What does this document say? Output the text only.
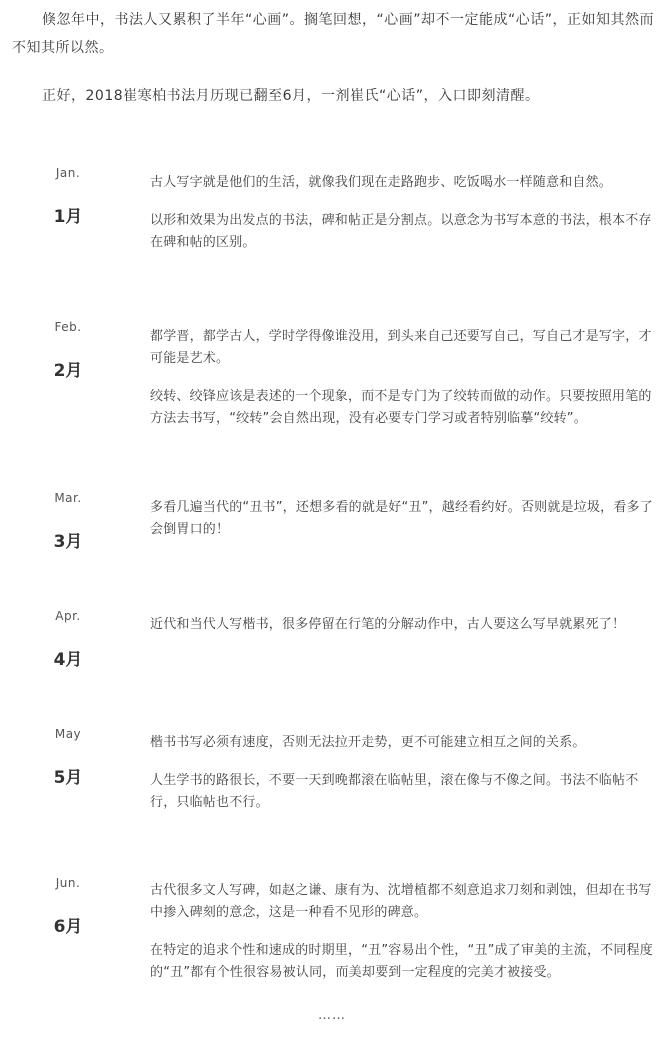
倏忽年中，书法人又累积了半年“心画”。搁笔回想，“心画”却不一定能成“心话”，正如知其然而不知其所以然。

正好，2018崔寒柏书法月历现已翻至6月，一剂崔氏“心话”，入口即刻清醒。

Jan.
1月

古人写字就是他们的生活，就像我们现在走路跑步、吃饭喝水一样随意和自然。

以形和效果为出发点的书法，碑和帖正是分割点。以意念为书写本意的书法，根本不存在碑和帖的区别。

Feb.
2月

都学晋，都学古人，学时学得像谁没用，到头来自己还要写自己，写自己才是写字，才可能是艺术。

绞转、绞锋应该是表述的一个现象，而不是专门为了绞转而做的动作。只要按照用笔的方法去书写，“绞转”会自然出现，没有必要专门学习或者特别临摹“绞转”。

Mar.
3月

多看几遍当代的“丑书”，还想多看的就是好“丑”，越经看约好。否则就是垃圾，看多了会倒胃口的！

Apr.
4月

近代和当代人写楷书，很多停留在行笔的分解动作中，古人要这么写早就累死了！

May
5月

楷书书写必须有速度，否则无法拉开走势，更不可能建立相互之间的关系。

人生学书的路很长，不要一天到晚都滚在临帖里，滚在像与不像之间。书法不临帖不行，只临帖也不行。

Jun.
6月

古代很多文人写碑，如赵之谦、康有为、沈增植都不刻意追求刀刻和剥蚀，但却在书写中掺入碑刻的意念，这是一种看不见形的碑意。

在特定的追求个性和速成的时期里，“丑”容易出个性，“丑”成了审美的主流，不同程度的“丑”都有个性很容易被认同，而美却要到一定程度的完美才被接受。

……
